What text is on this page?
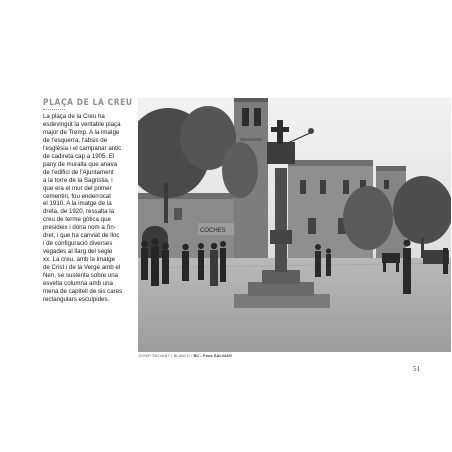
PLAÇA DE LA CREU
La plaça de la Creu ha
esdevingut la veritable plaça
major de Tremp. A la imatge
de l'esquerra, l'absis de
l'església i el campanar antic
de cadireta cap a 1905. El
pany de muralla que anava
de l'edifici de l'Ajuntament
a la torre de la Sagristia, i
que era el mur del primer
cementiri, fou enderrocat
el 1910. A la imatge de la
dreta, de 1920, ressalta la
creu de terme gòtica que
presideix i dona nom a l'in-
dret, i que ha canviat de lloc
i de configuració diverses
vegades al llarg del segle
xx. La creu, amb la imatge
de Crist i de la Verge amb el
Nen, se sustenta sobre una
esvelta columna amb una
mena de capitell de sis cares
rectangulars esculpides.
COCHES
JOSEP SALVANY I BLANCH / BC - Fons SALVANY
51
